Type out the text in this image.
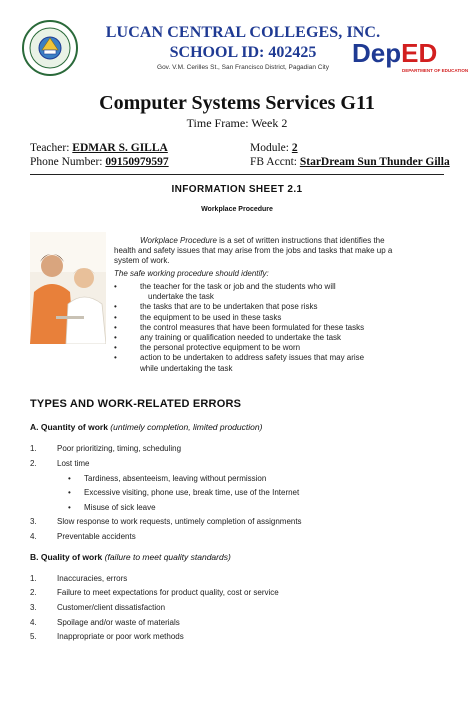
LUCAN CENTRAL COLLEGES, INC.
SCHOOL ID: 402425
Gov. V.M. Cerilles St., San Francisco District, Pagadian City DepED
DEPARTMENT OF EDUCATION
Computer Systems Services G11
Time Frame: Week 2
Teacher: EDMAR S. GILLA	Module: 2
Phone Number: 09150979597	FB Accnt: StarDream Sun Thunder Gilla
INFORMATION SHEET 2.1
Workplace Procedure
Workplace Procedure is a set of written instructions that identifies the
health and safety issues that may arise from the jobs and tasks that make up a
system of work.
The safe working procedure should identify:
• the teacher for the task or job and the students who will
undertake the task
• the tasks that are to be undertaken that pose risks
• the equipment to be used in these tasks
• the control measures that have been formulated for these tasks
• any training or qualification needed to undertake the task
• the personal protective equipment to be worn
• action to be undertaken to address safety issues that may arise
while undertaking the task
TYPES AND WORK-RELATED ERRORS
A. Quantity of work (untimely completion, limited production)
1.	Poor prioritizing, timing, scheduling
2.	Lost time
• Tardiness, absenteeism, leaving without permission
• Excessive visiting, phone use, break time, use of the Internet
• Misuse of sick leave
3.	Slow response to work requests, untimely completion of assignments
4.	Preventable accidents
B. Quality of work (failure to meet quality standards)
1.	Inaccuracies, errors
2.	Failure to meet expectations for product quality, cost or service
3.	Customer/client dissatisfaction
4.	Spoilage and/or waste of materials
5.	Inappropriate or poor work methods
